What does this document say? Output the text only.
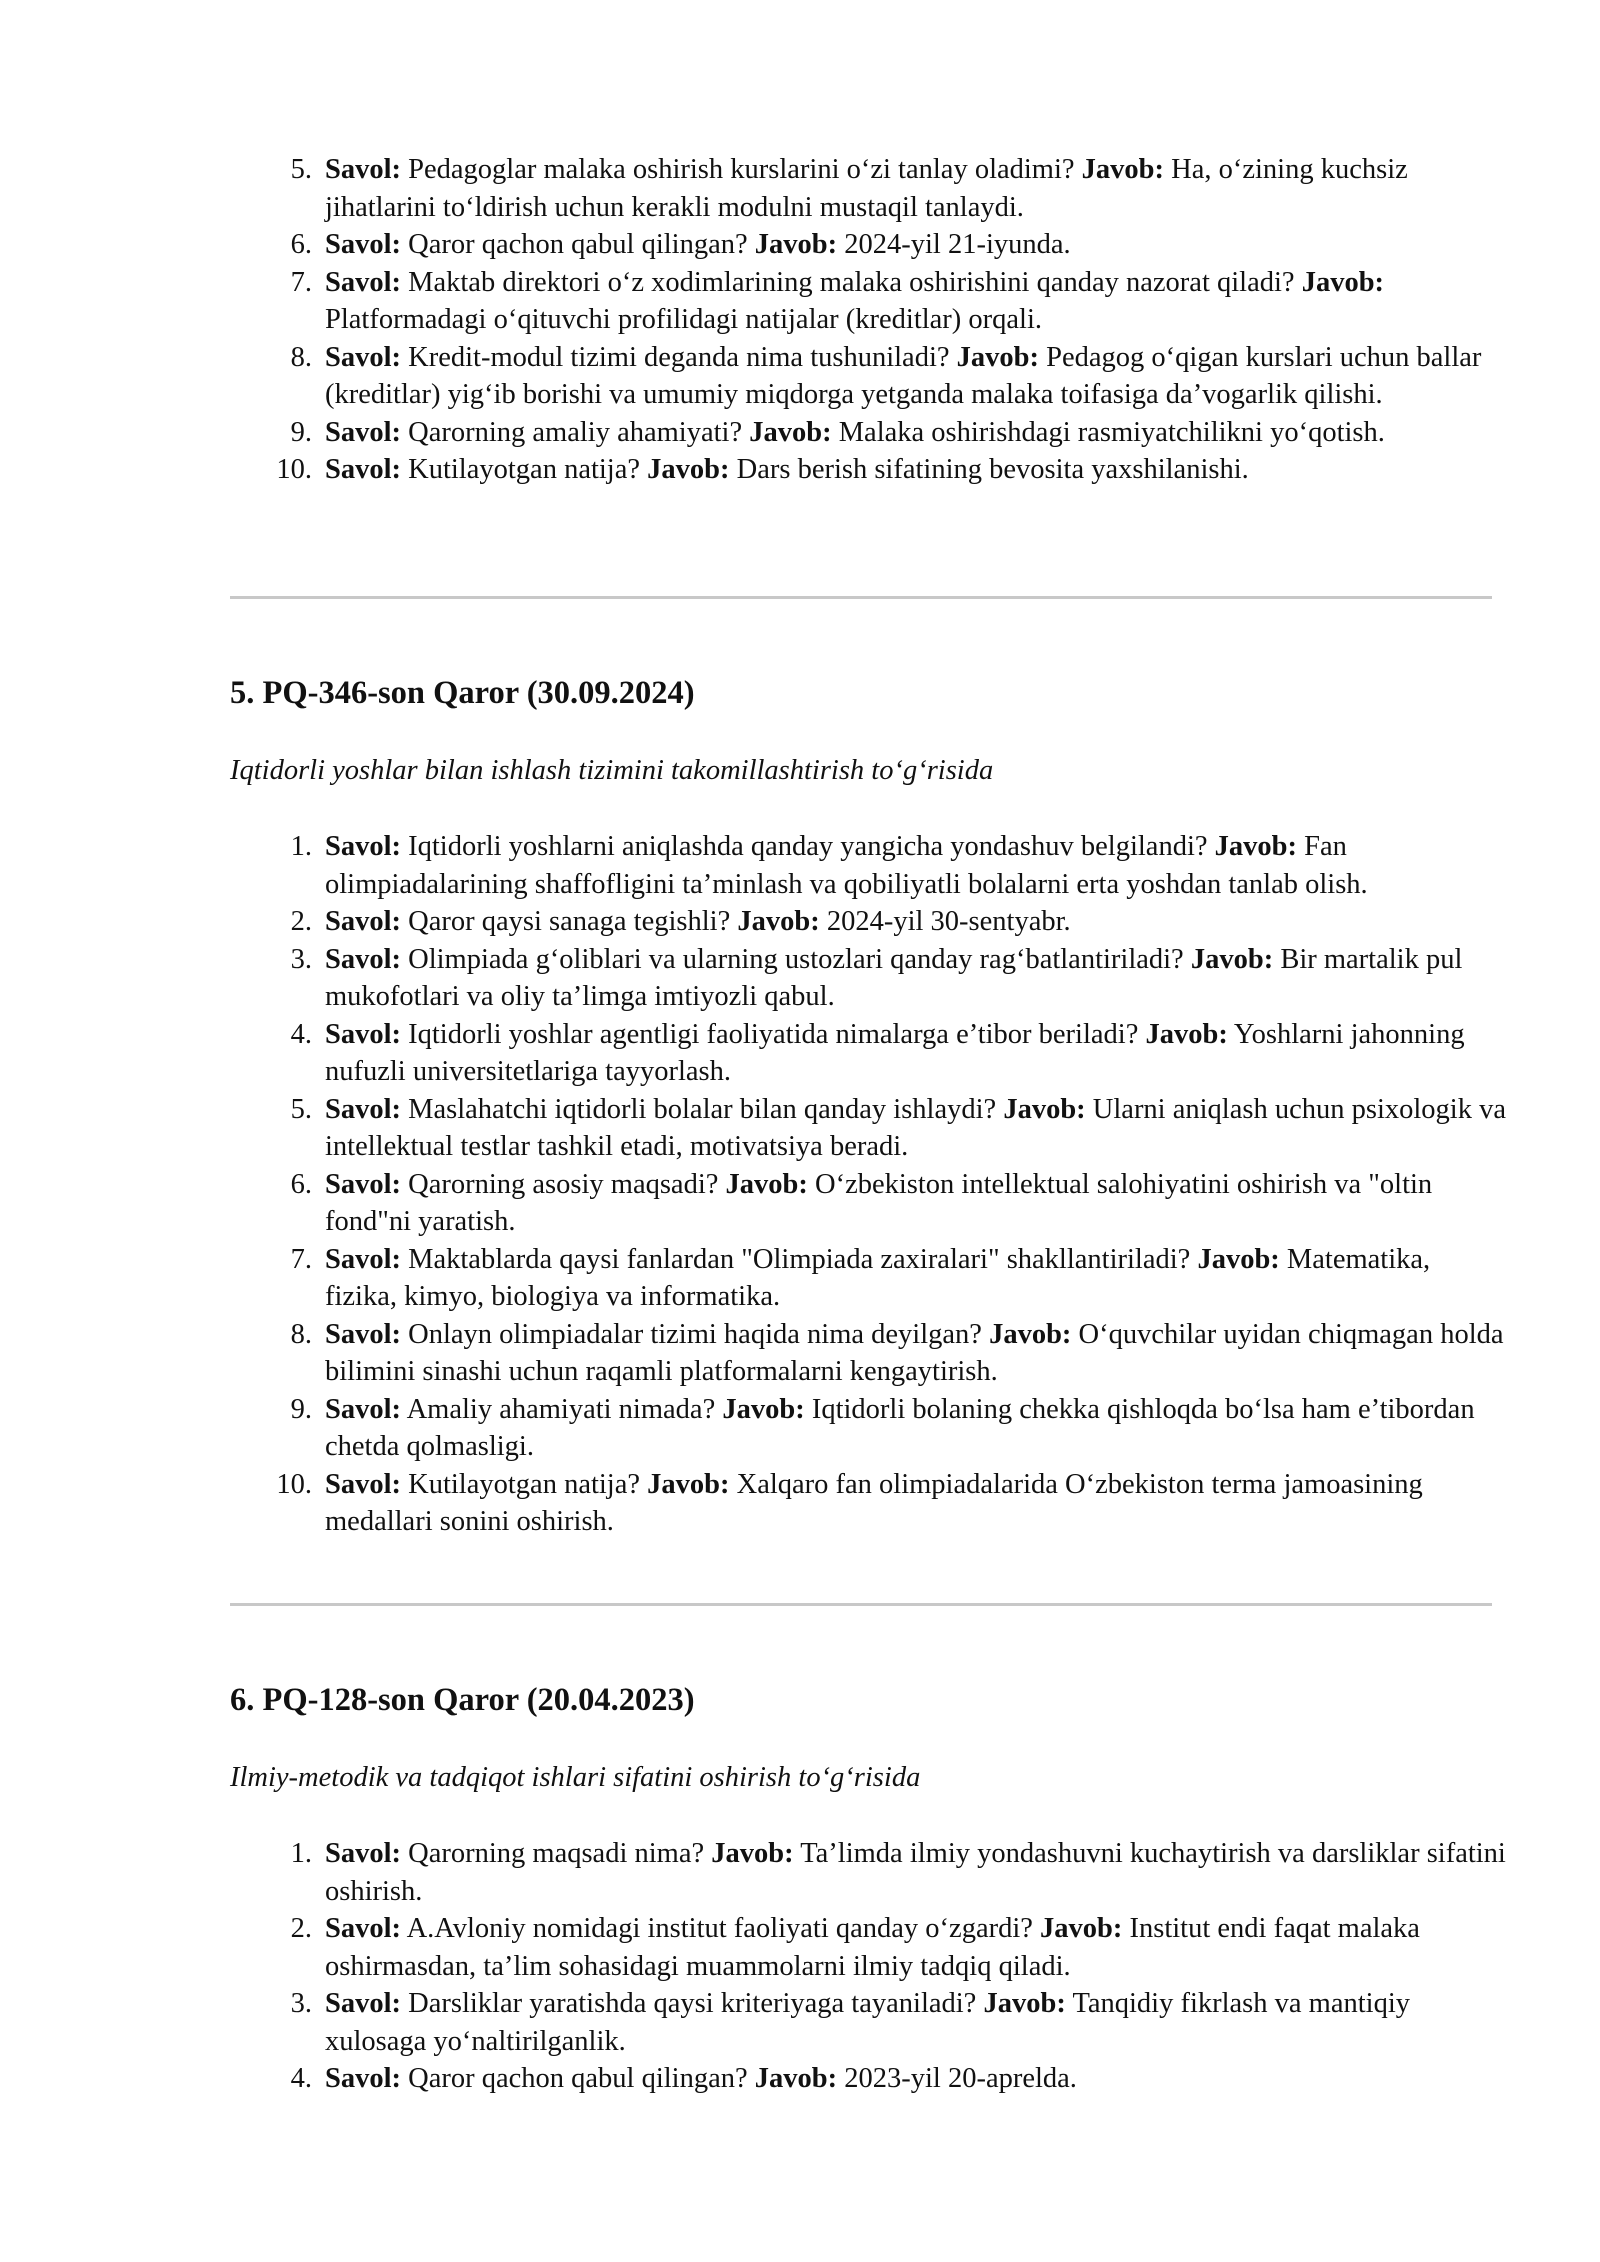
5. Savol: Pedagoglar malaka oshirish kurslarini o‘zi tanlay oladimi? Javob: Ha, o‘zining kuchsiz jihatlarini to‘ldirish uchun kerakli modulni mustaqil tanlaydi.
6. Savol: Qaror qachon qabul qilingan? Javob: 2024-yil 21-iyunda.
7. Savol: Maktab direktori o‘z xodimlarining malaka oshirishini qanday nazorat qiladi? Javob: Platformadagi o‘qituvchi profilidagi natijalar (kreditlar) orqali.
8. Savol: Kredit-modul tizimi deganda nima tushuniladi? Javob: Pedagog o‘qigan kurslari uchun ballar (kreditlar) yig‘ib borishi va umumiy miqdorga yetganda malaka toifasiga da’vogarlik qilishi.
9. Savol: Qarorning amaliy ahamiyati? Javob: Malaka oshirishdagi rasmiyatchilikni yo‘qotish.
10. Savol: Kutilayotgan natija? Javob: Dars berish sifatining bevosita yaxshilanishi.
5. PQ-346-son Qaror (30.09.2024)

Iqtidorli yoshlar bilan ishlash tizimini takomillashtirish to‘g‘risida

1. Savol: Iqtidorli yoshlarni aniqlashda qanday yangicha yondashuv belgilandi? Javob: Fan olimpiadalarining shaffofligini ta’minlash va qobiliyatli bolalarni erta yoshdan tanlab olish.
2. Savol: Qaror qaysi sanaga tegishli? Javob: 2024-yil 30-sentyabr.
3. Savol: Olimpiada g‘oliblari va ularning ustozlari qanday rag‘batlantiriladi? Javob: Bir martalik pul mukofotlari va oliy ta’limga imtiyozli qabul.
4. Savol: Iqtidorli yoshlar agentligi faoliyatida nimalarga e’tibor beriladi? Javob: Yoshlarni jahonning nufuzli universitetlariga tayyorlash.
5. Savol: Maslahatchi iqtidorli bolalar bilan qanday ishlaydi? Javob: Ularni aniqlash uchun psixologik va intellektual testlar tashkil etadi, motivatsiya beradi.
6. Savol: Qarorning asosiy maqsadi? Javob: O‘zbekiston intellektual salohiyatini oshirish va "oltin fond"ni yaratish.
7. Savol: Maktablarda qaysi fanlardan "Olimpiada zaxiralari" shakllantiriladi? Javob: Matematika, fizika, kimyo, biologiya va informatika.
8. Savol: Onlayn olimpiadalar tizimi haqida nima deyilgan? Javob: O‘quvchilar uyidan chiqmagan holda bilimini sinashi uchun raqamli platformalarni kengaytirish.
9. Savol: Amaliy ahamiyati nimada? Javob: Iqtidorli bolaning chekka qishloqda bo‘lsa ham e’tibordan chetda qolmasligi.
10. Savol: Kutilayotgan natija? Javob: Xalqaro fan olimpiadalarida O‘zbekiston terma jamoasining medallari sonini oshirish.
6. PQ-128-son Qaror (20.04.2023)

Ilmiy-metodik va tadqiqot ishlari sifatini oshirish to‘g‘risida

1. Savol: Qarorning maqsadi nima? Javob: Ta’limda ilmiy yondashuvni kuchaytirish va darsliklar sifatini oshirish.
2. Savol: A.Avloniy nomidagi institut faoliyati qanday o‘zgardi? Javob: Institut endi faqat malaka oshirmasdan, ta’lim sohasidagi muammolarni ilmiy tadqiq qiladi.
3. Savol: Darsliklar yaratishda qaysi kriteriyaga tayaniladi? Javob: Tanqidiy fikrlash va mantiqiy xulosaga yo‘naltirilganlik.
4. Savol: Qaror qachon qabul qilingan? Javob: 2023-yil 20-aprelda.
